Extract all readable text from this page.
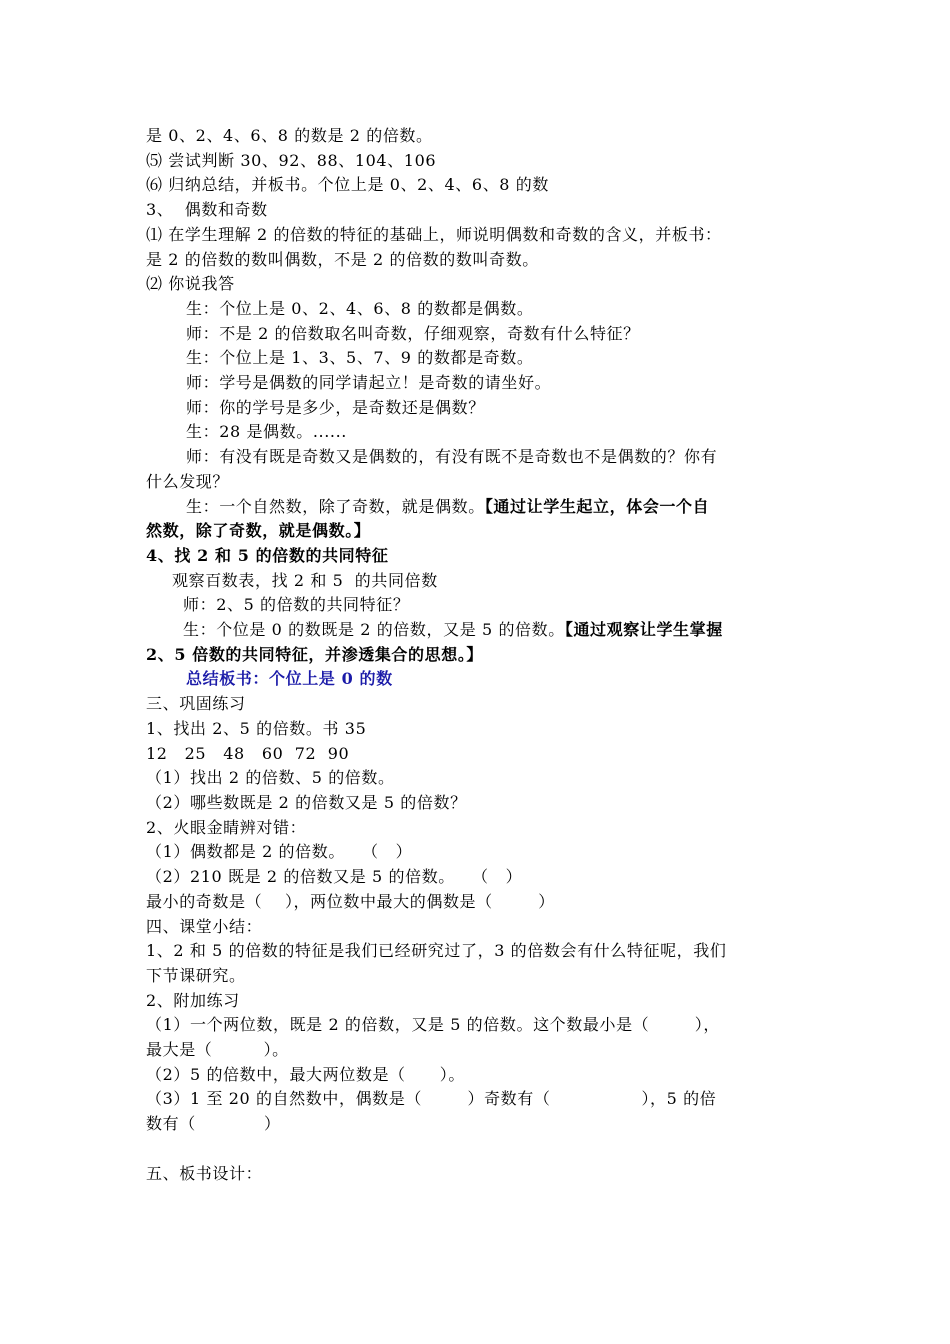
是 0、2、4、6、8 的数是 2 的倍数。
⑸ 尝试判断 30、92、88、104、106
⑹ 归纳总结，并板书。个位上是 0、2、4、6、8 的数
3、  偶数和奇数
⑴ 在学生理解 2 的倍数的特征的基础上，师说明偶数和奇数的含义，并板书：
是 2 的倍数的数叫偶数，不是 2 的倍数的数叫奇数。
⑵ 你说我答
生：个位上是 0、2、4、6、8 的数都是偶数。
师：不是 2 的倍数取名叫奇数，仔细观察，奇数有什么特征？
生：个位上是 1、3、5、7、9 的数都是奇数。
师：学号是偶数的同学请起立！是奇数的请坐好。
师：你的学号是多少，是奇数还是偶数？
生：28 是偶数。......
师：有没有既是奇数又是偶数的，有没有既不是奇数也不是偶数的？你有
什么发现？
生：一个自然数，除了奇数，就是偶数。【通过让学生起立，体会一个自
然数，除了奇数，就是偶数。】
4、找 2 和 5 的倍数的共同特征
观察百数表，找 2 和 5  的共同倍数
师：2、5 的倍数的共同特征？
生：个位是 0 的数既是 2 的倍数，又是 5 的倍数。【通过观察让学生掌握
2、5 倍数的共同特征，并渗透集合的思想。】
总结板书：个位上是 0 的数
三、巩固练习
1、找出 2、5 的倍数。书 35
12   25   48   60  72  90
（1）找出 2 的倍数、5 的倍数。
（2）哪些数既是 2 的倍数又是 5 的倍数？
2、火眼金睛辨对错：
（1）偶数都是 2 的倍数。   （   ）
（2）210 既是 2 的倍数又是 5 的倍数。   （   ）
最小的奇数是（    ），两位数中最大的偶数是（        ）
四、课堂小结：
1、2 和 5 的倍数的特征是我们已经研究过了，3 的倍数会有什么特征呢，我们
下节课研究。
2、附加练习
（1）一个两位数，既是 2 的倍数，又是 5 的倍数。这个数最小是（        ），
最大是（         ）。
（2）5 的倍数中，最大两位数是（      ）。
（3）1 至 20 的自然数中，偶数是（        ）奇数有（                ），5 的倍
数有（            ）
五、板书设计：
